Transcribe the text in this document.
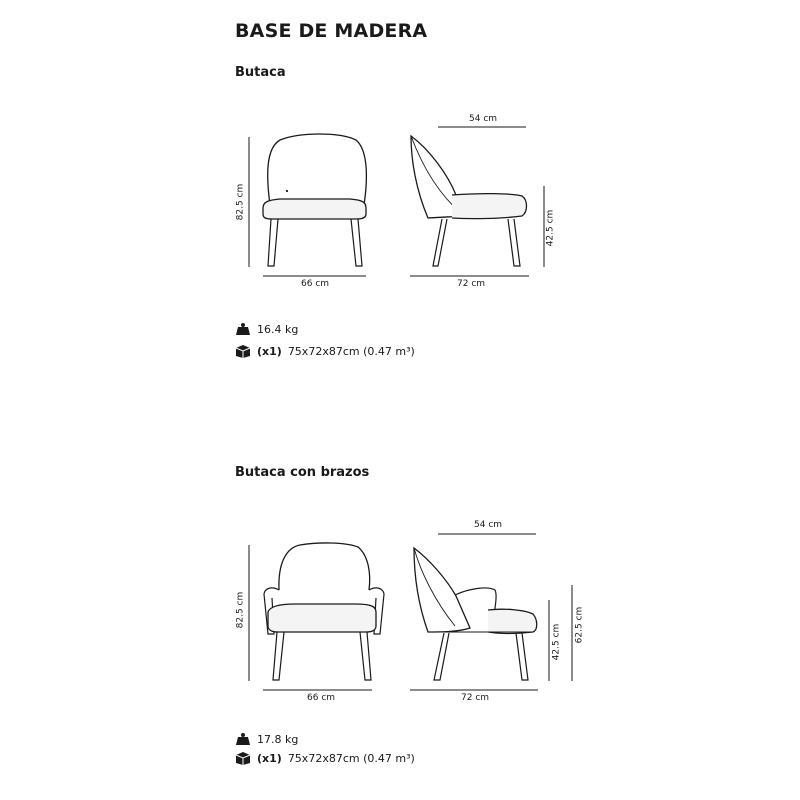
BASE DE MADERA
Butaca
82.5 cm
66 cm
54 cm
42.5 cm
72 cm
16.4 kg
(x1) 75x72x87cm (0.47 m³)
Butaca con brazos
82.5 cm
66 cm
54 cm
42.5 cm 62.5 cm
72 cm
17.8 kg
(x1) 75x72x87cm (0.47 m³)
